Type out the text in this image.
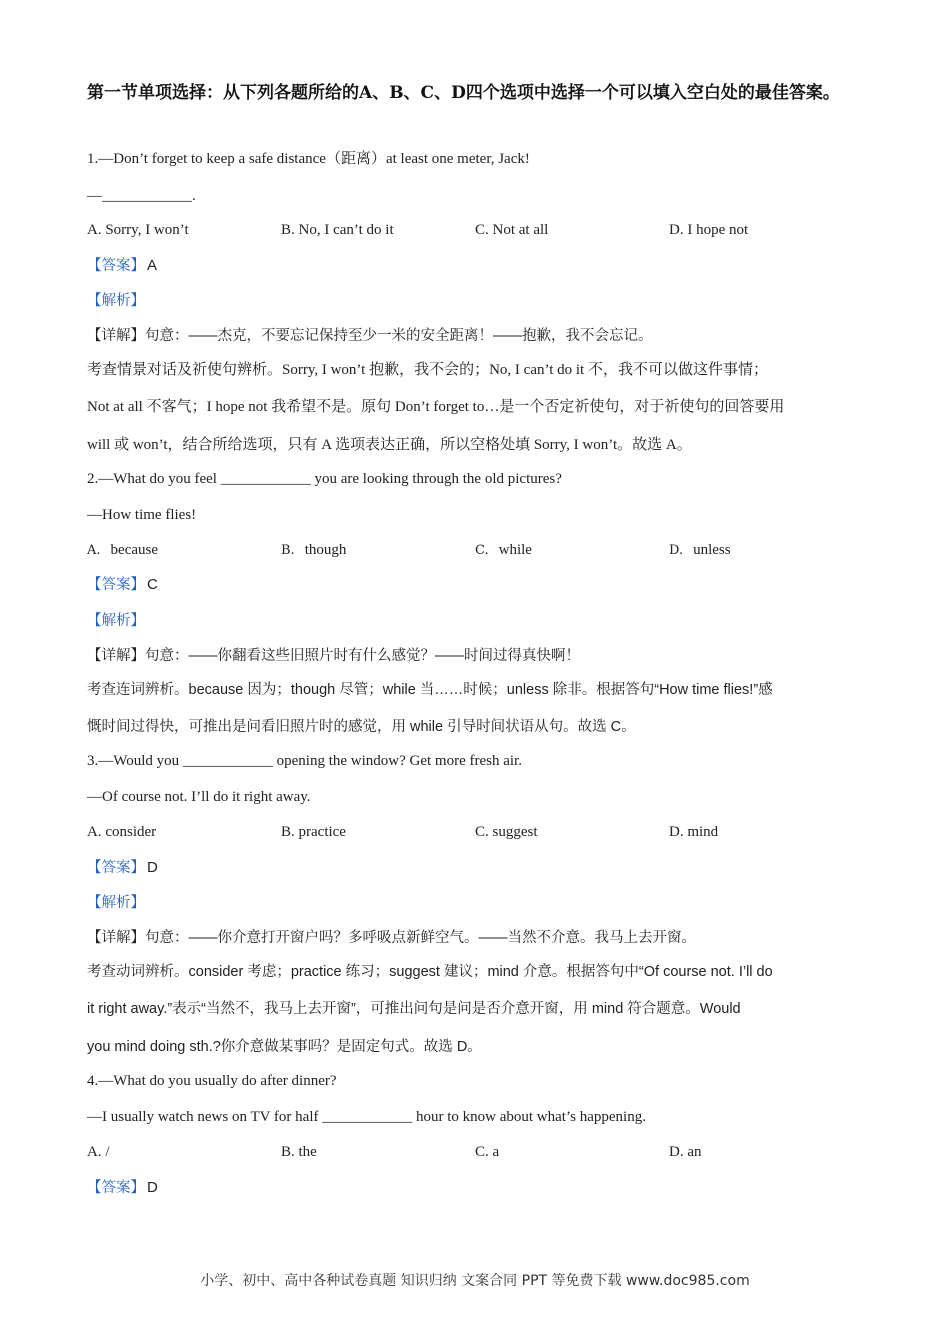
第一节单项选择：从下列各题所给的A、B、C、D四个选项中选择一个可以填入空白处的最佳答案。
1.—Don’t forget to keep a safe distance（距离）at least one meter, Jack!
—____________.
A. Sorry, I won’t	B. No, I can’t do it	C. Not at all	D. I hope not
【答案】 A
【解析】
【详解】句意：——杰克，不要忘记保持至少一米的安全距离！——抱歉，我不会忘记。
考查情景对话及祈使句辨析。Sorry, I won’t 抱歉，我不会的；No, I can’t do it 不，我不可以做这件事情；
Not at all 不客气；I hope not 我希望不是。原句 Don’t forget to…是一个否定祈使句，对于祈使句的回答要用
will 或 won’t，结合所给选项，只有 A 选项表达正确，所以空格处填 Sorry, I won’t。故选 A。
2.—What do you feel ____________ you are looking through the old pictures?
—How time flies!
A. because	B. though	C. while	D. unless
【答案】 C
【解析】
【详解】句意：——你翻看这些旧照片时有什么感觉？——时间过得真快啊！
考查连词辨析。because 因为；though 尽管；while 当……时候；unless 除非。根据答句“How time flies!”感
慨时间过得快，可推出是问看旧照片时的感觉，用 while 引导时间状语从句。故选 C。
3.—Would you ____________ opening the window? Get more fresh air.
—Of course not. I’ll do it right away.
A. consider	B. practice	C. suggest	D. mind
【答案】 D
【解析】
【详解】句意：——你介意打开窗户吗？多呼吸点新鲜空气。——当然不介意。我马上去开窗。
考查动词辨析。consider 考虑；practice 练习；suggest 建议；mind 介意。根据答句中“Of course not. I’ll do
it right away.”表示“当然不，我马上去开窗”，可推出问句是问是否介意开窗，用 mind 符合题意。Would
you mind doing sth.?你介意做某事吗？是固定句式。故选 D。
4.—What do you usually do after dinner?
—I usually watch news on TV for half ____________ hour to know about what’s happening.
A. /	B. the	C. a	D. an
【答案】 D
小学、初中、高中各种试卷真题 知识归纳 文案合同 PPT 等免费下载 www.doc985.com
